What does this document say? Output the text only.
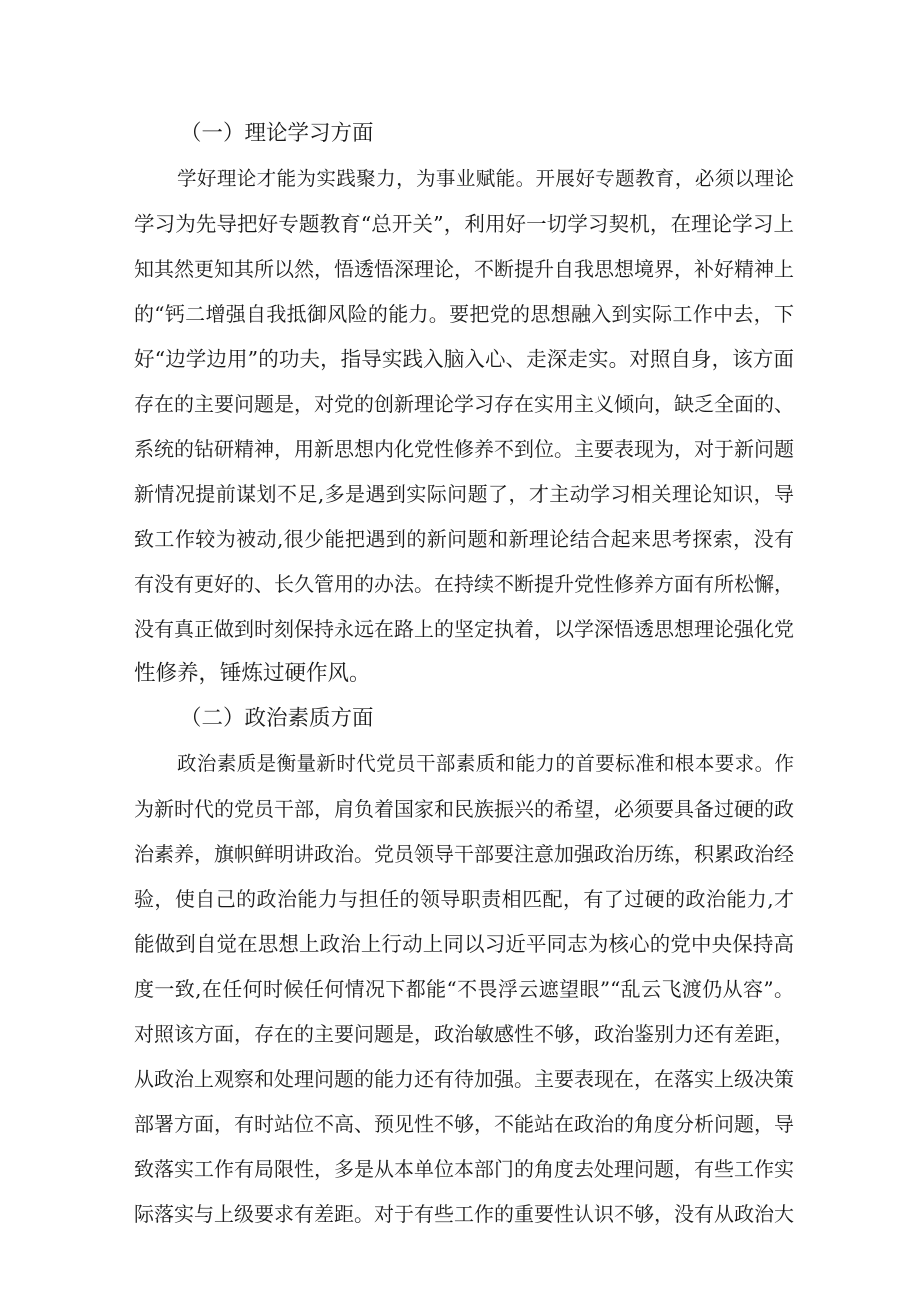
（一）理论学习方面
学好理论才能为实践聚力，为事业赋能。开展好专题教育，必须以理论
学习为先导把好专题教育“总开关”，利用好一切学习契机，在理论学习上
知其然更知其所以然，悟透悟深理论，不断提升自我思想境界，补好精神上
的“钙二增强自我抵御风险的能力。要把党的思想融入到实际工作中去，下
好“边学边用”的功夫，指导实践入脑入心、走深走实。对照自身，该方面
存在的主要问题是，对党的创新理论学习存在实用主义倾向，缺乏全面的、
系统的钻研精神，用新思想内化党性修养不到位。主要表现为，对于新问题
新情况提前谋划不足,多是遇到实际问题了，才主动学习相关理论知识，导
致工作较为被动,很少能把遇到的新问题和新理论结合起来思考探索，没有
有没有更好的、长久管用的办法。在持续不断提升党性修养方面有所松懈，
没有真正做到时刻保持永远在路上的坚定执着，以学深悟透思想理论强化党
性修养，锤炼过硬作风。
（二）政治素质方面
政治素质是衡量新时代党员干部素质和能力的首要标准和根本要求。作
为新时代的党员干部，肩负着国家和民族振兴的希望，必须要具备过硬的政
治素养，旗帜鲜明讲政治。党员领导干部要注意加强政治历练，积累政治经
验，使自己的政治能力与担任的领导职责相匹配，有了过硬的政治能力,才
能做到自觉在思想上政治上行动上同以习近平同志为核心的党中央保持高
度一致,在任何时候任何情况下都能“不畏浮云遮望眼”“乱云飞渡仍从容”。
对照该方面，存在的主要问题是，政治敏感性不够，政治鉴别力还有差距，
从政治上观察和处理问题的能力还有待加强。主要表现在，在落实上级决策
部署方面，有时站位不高、预见性不够，不能站在政治的角度分析问题，导
致落实工作有局限性，多是从本单位本部门的角度去处理问题，有些工作实
际落实与上级要求有差距。对于有些工作的重要性认识不够，没有从政治大
